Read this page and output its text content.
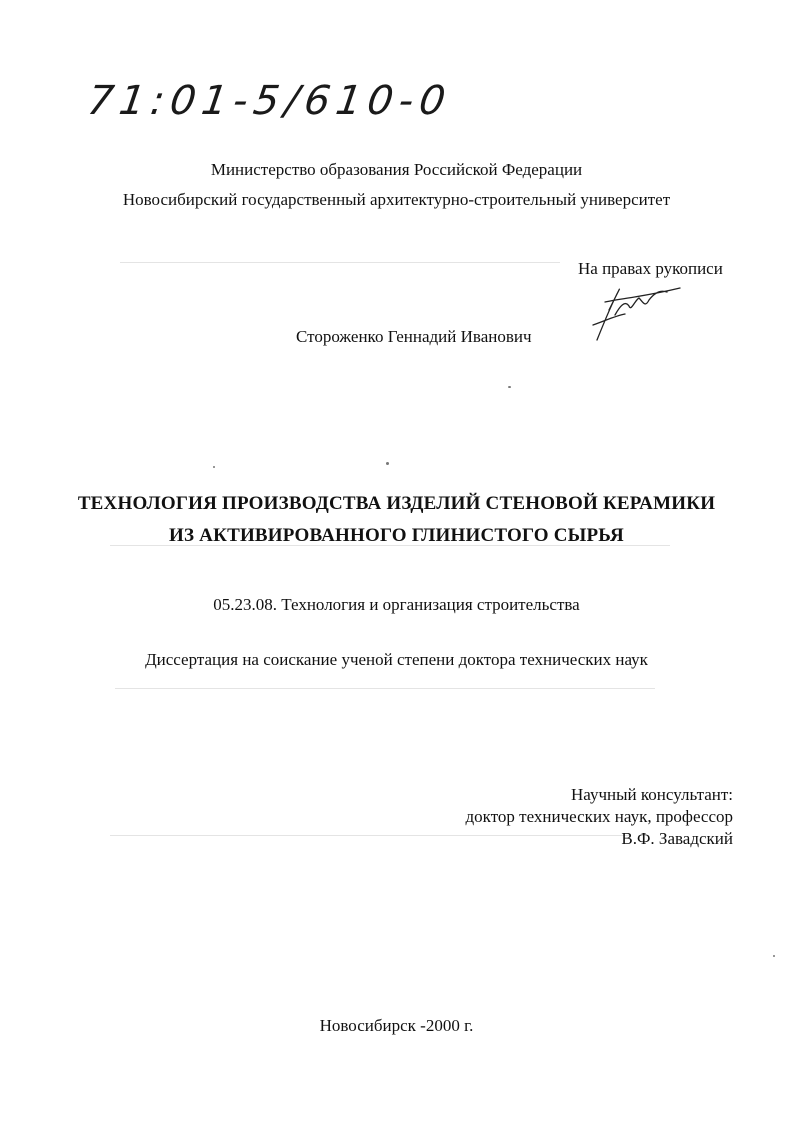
71:01-5/610-0
Министерство образования Российской Федерации
Новосибирский государственный архитектурно-строительный университет
На правах рукописи
Стороженко Геннадий Иванович
ТЕХНОЛОГИЯ ПРОИЗВОДСТВА ИЗДЕЛИЙ СТЕНОВОЙ КЕРАМИКИ
ИЗ АКТИВИРОВАННОГО ГЛИНИСТОГО СЫРЬЯ
05.23.08. Технология и организация строительства
Диссертация на соискание ученой степени доктора технических наук
Научный консультант:
доктор технических наук, профессор
В.Ф. Завадский
Новосибирск -2000 г.
